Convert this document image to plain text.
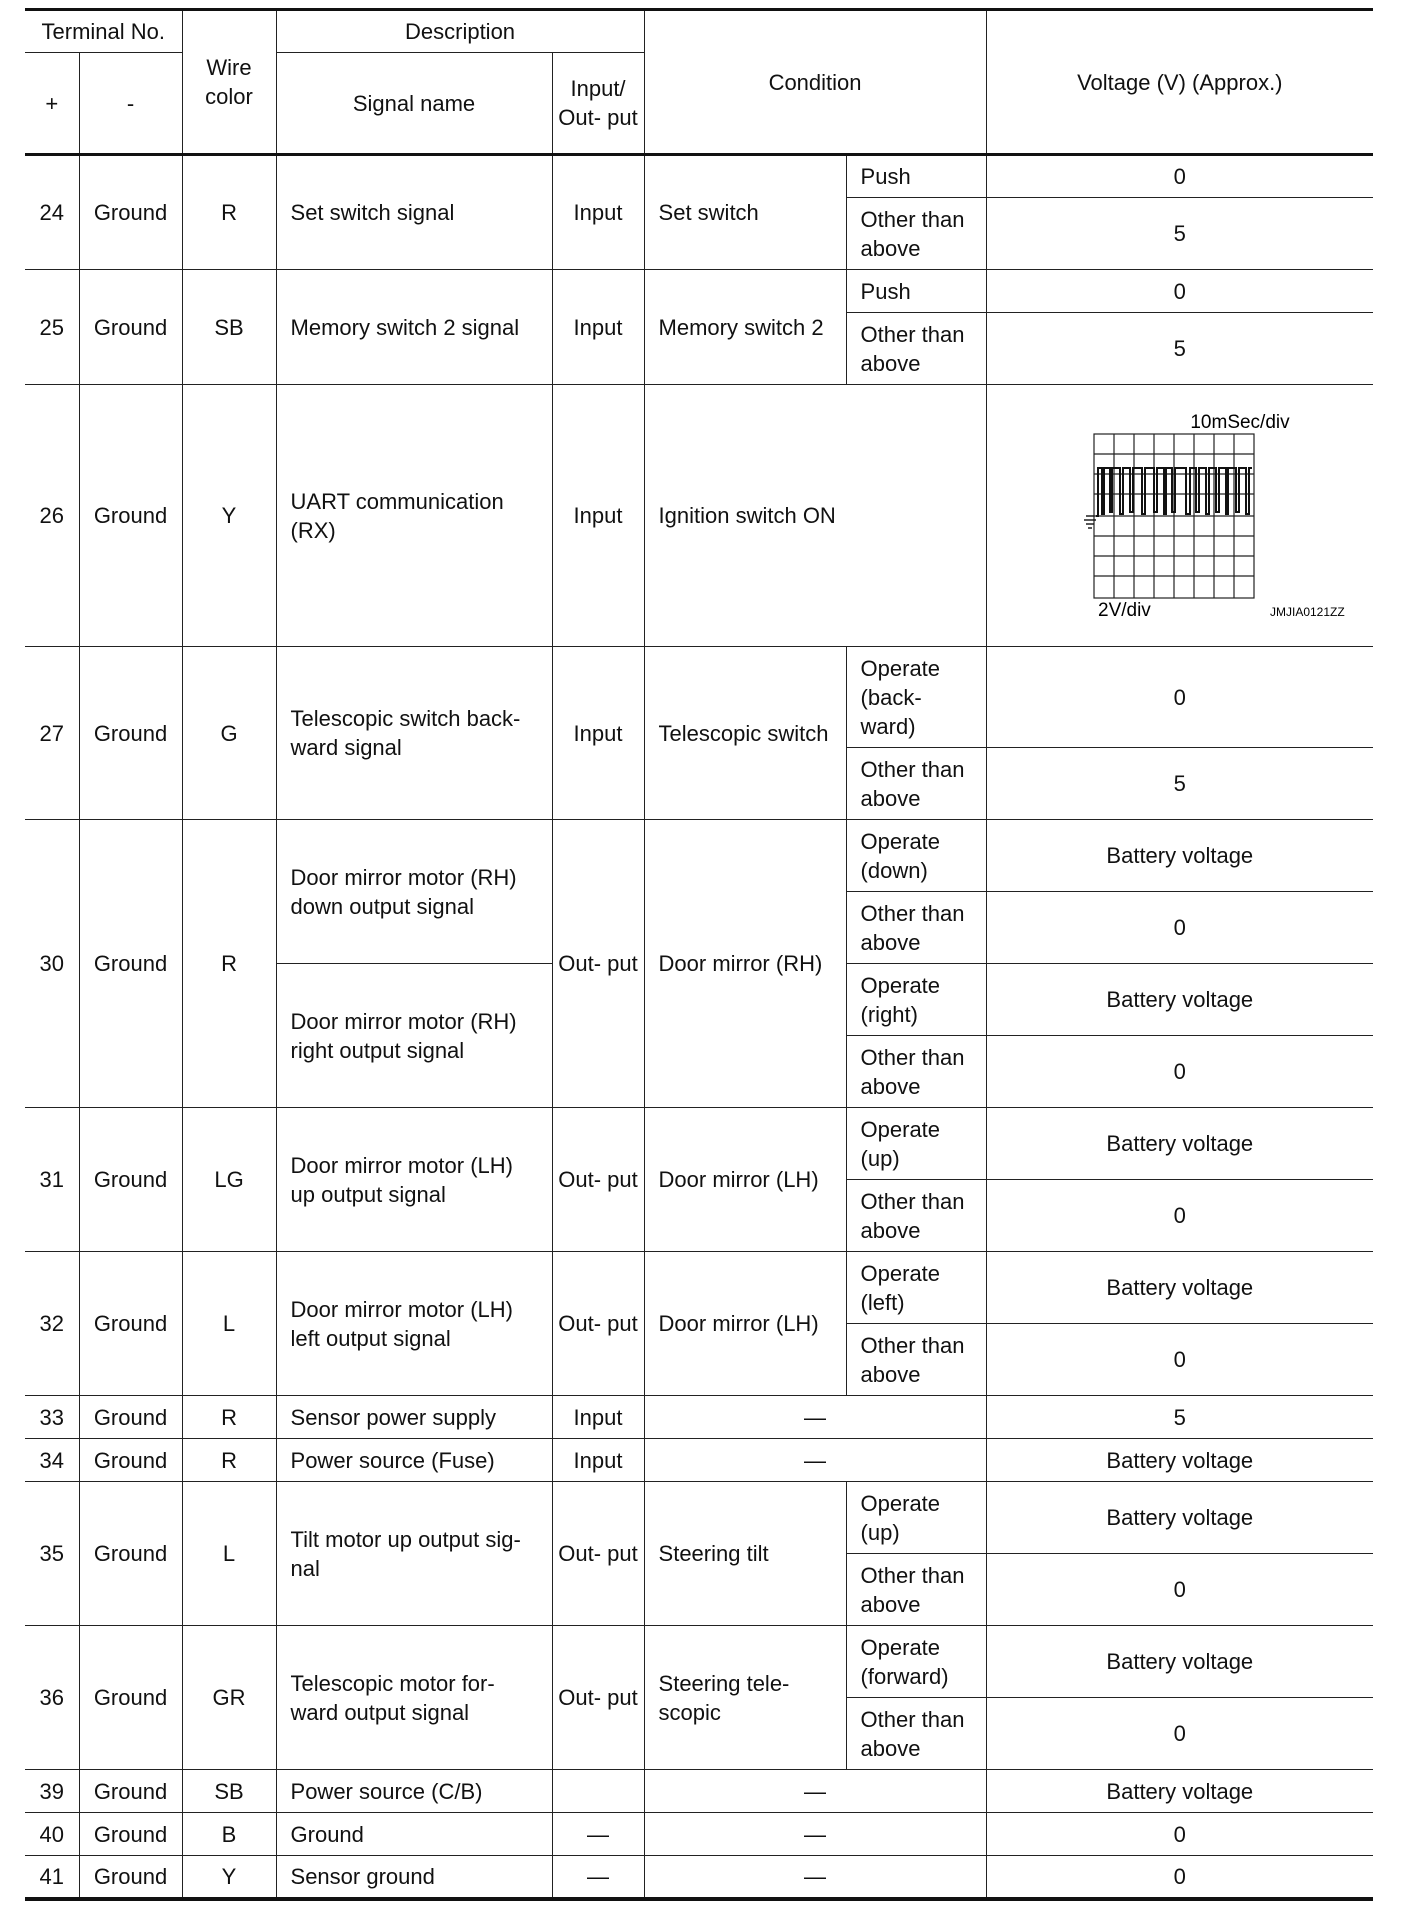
Terminal No.		Wire color	Description		Condition		Voltage (V) (Approx.)
+	-		Signal name	Input/ Out- put			
24	Ground	R	Set switch signal	Input	Set switch	Push	0
						Other than above	5
25	Ground	SB	Memory switch 2 signal	Input	Memory switch 2	Push	0
						Other than above	5
26	Ground	Y	UART communication (RX)	Input	Ignition switch ON		10mSec/div
2V/div JMJIA0121ZZ

27	Ground	G	Telescopic switch back- ward signal	Input	Telescopic switch	Operate (back- ward)	0
						Other than above	5
30	Ground	R	Door mirror motor (RH) down output signal	Out- put	Door mirror (RH)	Operate (down)	Battery voltage
						Other than above	0
			Door mirror motor (RH) right output signal			Operate (right)	Battery voltage
						Other than above	0
31	Ground	LG	Door mirror motor (LH) up output signal	Out- put	Door mirror (LH)	Operate (up)	Battery voltage
						Other than above	0
32	Ground	L	Door mirror motor (LH) left output signal	Out- put	Door mirror (LH)	Operate (left)	Battery voltage
						Other than above	0
33	Ground	R	Sensor power supply	Input	—		5
34	Ground	R	Power source (Fuse)	Input	—		Battery voltage
35	Ground	L	Tilt motor up output sig- nal	Out- put	Steering tilt	Operate (up)	Battery voltage
						Other than above	0
36	Ground	GR	Telescopic motor for- ward output signal	Out- put	Steering tele- scopic	Operate (forward)	Battery voltage
						Other than above	0
39	Ground	SB	Power source (C/B)		—		Battery voltage
40	Ground	B	Ground	—	—		0
41	Ground	Y	Sensor ground	—	—		0
